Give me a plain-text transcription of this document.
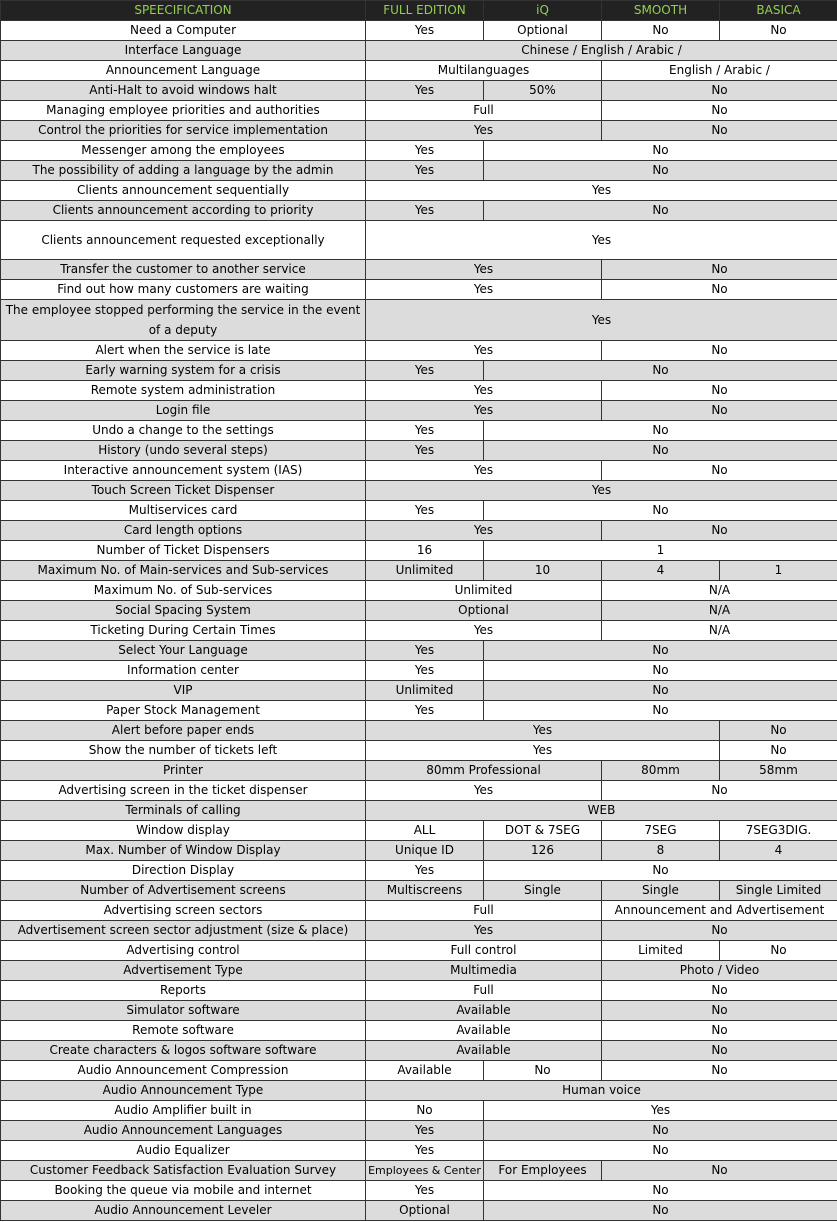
SPEECIFICATION	FULL EDITION	iQ	SMOOTH	BASICA
Need a Computer	Yes	Optional	No	No
Interface Language	Chinese / English / Arabic /			
Announcement Language	Multilanguages		English / Arabic /	
Anti-Halt to avoid windows halt	Yes	50%	No	
Managing employee priorities and authorities	Full		No	
Control the priorities for service implementation	Yes		No	
Messenger among the employees	Yes	No		
The possibility of adding a language by the admin	Yes	No		
Clients announcement sequentially	Yes			
Clients announcement according to priority	Yes	No		
Clients announcement requested exceptionally	Yes			
Transfer the customer to another service	Yes		No	
Find out how many customers are waiting	Yes		No	
The employee stopped performing the service in the event of a deputy	Yes			
Alert when the service is late	Yes		No	
Early warning system for a crisis	Yes	No		
Remote system administration	Yes		No	
Login file	Yes		No	
Undo a change to the settings	Yes	No		
History (undo several steps)	Yes	No		
Interactive announcement system (IAS)	Yes		No	
Touch Screen Ticket Dispenser	Yes			
Multiservices card	Yes	No		
Card length options	Yes		No	
Number of Ticket Dispensers	16	1		
Maximum No. of Main-services and Sub-services	Unlimited	10	4	1
Maximum No. of Sub-services	Unlimited		N/A	
Social Spacing System	Optional		N/A	
Ticketing During Certain Times	Yes		N/A	
Select Your Language	Yes	No		
Information center	Yes	No		
VIP	Unlimited	No		
Paper Stock Management	Yes	No		
Alert before paper ends	Yes			No
Show the number of tickets left	Yes			No
Printer	80mm Professional		80mm	58mm
Advertising screen in the ticket dispenser	Yes		No	
Terminals of calling	WEB			
Window display	ALL	DOT & 7SEG	7SEG	7SEG3DIG.
Max. Number of Window Display	Unique ID	126	8	4
Direction Display	Yes	No		
Number of Advertisement screens	Multiscreens	Single	Single	Single Limited
Advertising screen sectors	Full		Announcement and Advertisement	
Advertisement screen sector adjustment (size & place)	Yes		No	
Advertising control	Full control		Limited	No
Advertisement Type	Multimedia		Photo / Video	
Reports	Full		No	
Simulator software	Available		No	
Remote software	Available		No	
Create characters & logos software software	Available		No	
Audio Announcement Compression	Available	No	No	
Audio Announcement Type	Human voice			
Audio Amplifier built in	No	Yes		
Audio Announcement Languages	Yes	No		
Audio Equalizer	Yes	No		
Customer Feedback Satisfaction Evaluation Survey	Employees & Center	For Employees	No	
Booking the queue via mobile and internet	Yes	No		
Audio Announcement Leveler	Optional	No		
